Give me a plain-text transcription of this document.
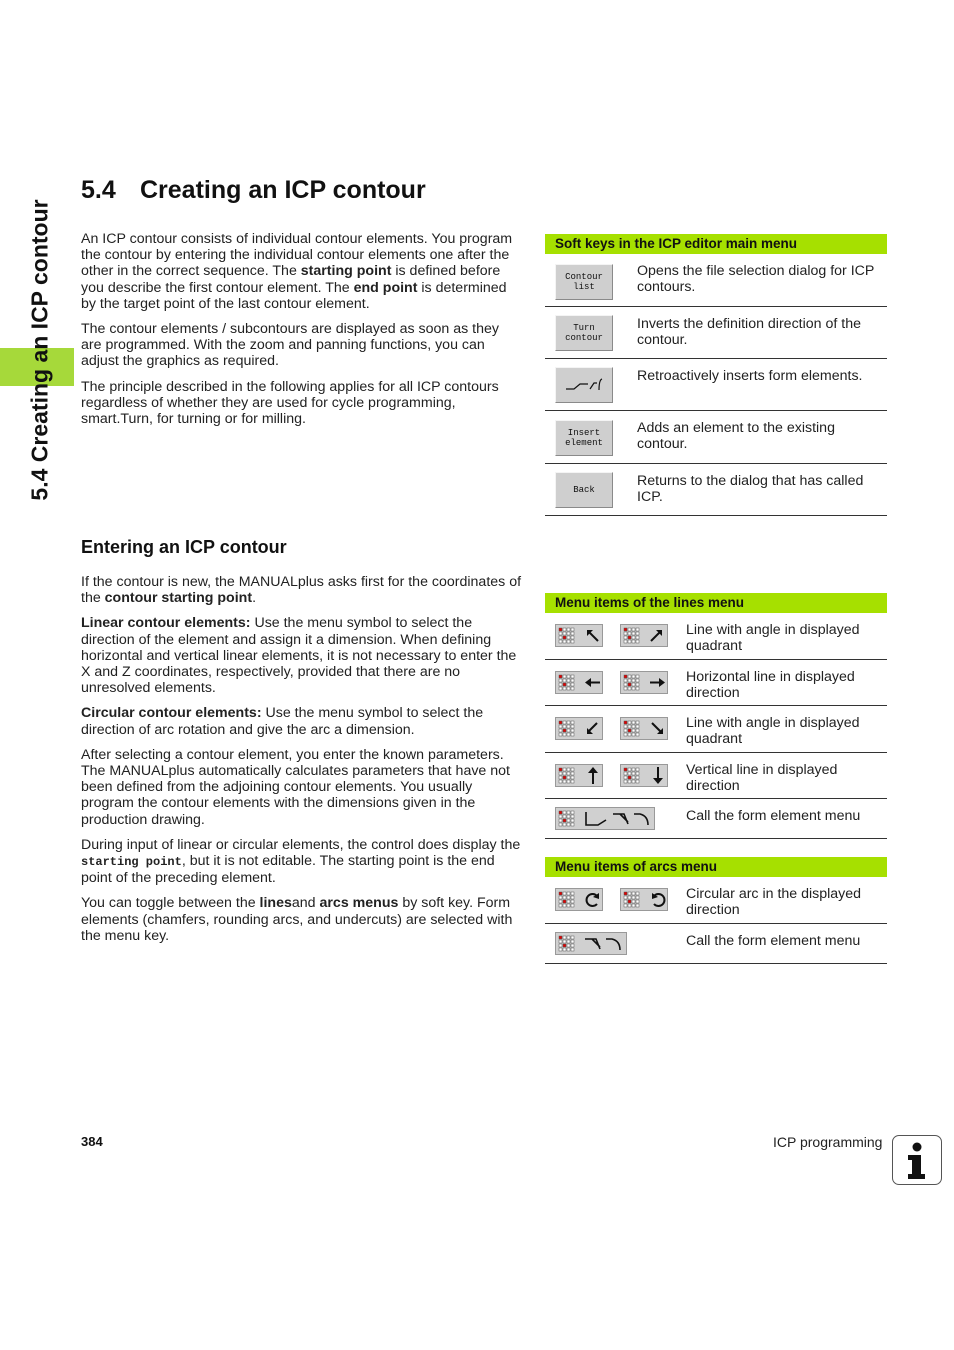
5.4 Creating an ICP contour
5.4 Creating an ICP contour

An ICP contour consists of individual contour elements. You program the contour by entering the individual contour elements one after the other in the correct sequence. The starting point is defined before you describe the first contour element. The end point is determined by the target point of the last contour element.

The contour elements / subcontours are displayed as soon as they are programmed. With the zoom and panning functions, you can adjust the graphics as required.

The principle described in the following applies for all ICP contours regardless of whether they are used for cycle programming, smart.Turn, for turning or for milling.

Entering an ICP contour

If the contour is new, the MANUALplus asks first for the coordinates of the contour starting point.

Linear contour elements: Use the menu symbol to select the direction of the element and assign it a dimension. When defining horizontal and vertical linear elements, it is not necessary to enter the X and Z coordinates, respectively, provided that there are no unresolved elements.

Circular contour elements: Use the menu symbol to select the direction of arc rotation and give the arc a dimension.

After selecting a contour element, you enter the known parameters. The MANUALplus automatically calculates parameters that have not been defined from the adjoining contour elements. You usually program the contour elements with the dimensions given in the production drawing.

During input of linear or circular elements, the control does display the starting point, but it is not editable. The starting point is the end point of the preceding element.

You can toggle between the linesand arcs menus by soft key. Form elements (chamfers, rounding arcs, and undercuts) are selected with the menu key.

Soft keys in the ICP editor main menu
Contour
list
Opens the file selection dialog for ICP contours.
Turn
contour
Inverts the definition direction of the contour.
Retroactively inserts form elements.
Insert
element
Adds an element to the existing contour.
Back
Returns to the dialog that has called ICP.
Menu items of the lines menu
Line with angle in displayed quadrant
Horizontal line in displayed direction
Line with angle in displayed quadrant
Vertical line in displayed direction
Call the form element menu
Menu items of arcs menu
Circular arc in the displayed direction
Call the form element menu
384	ICP programming
